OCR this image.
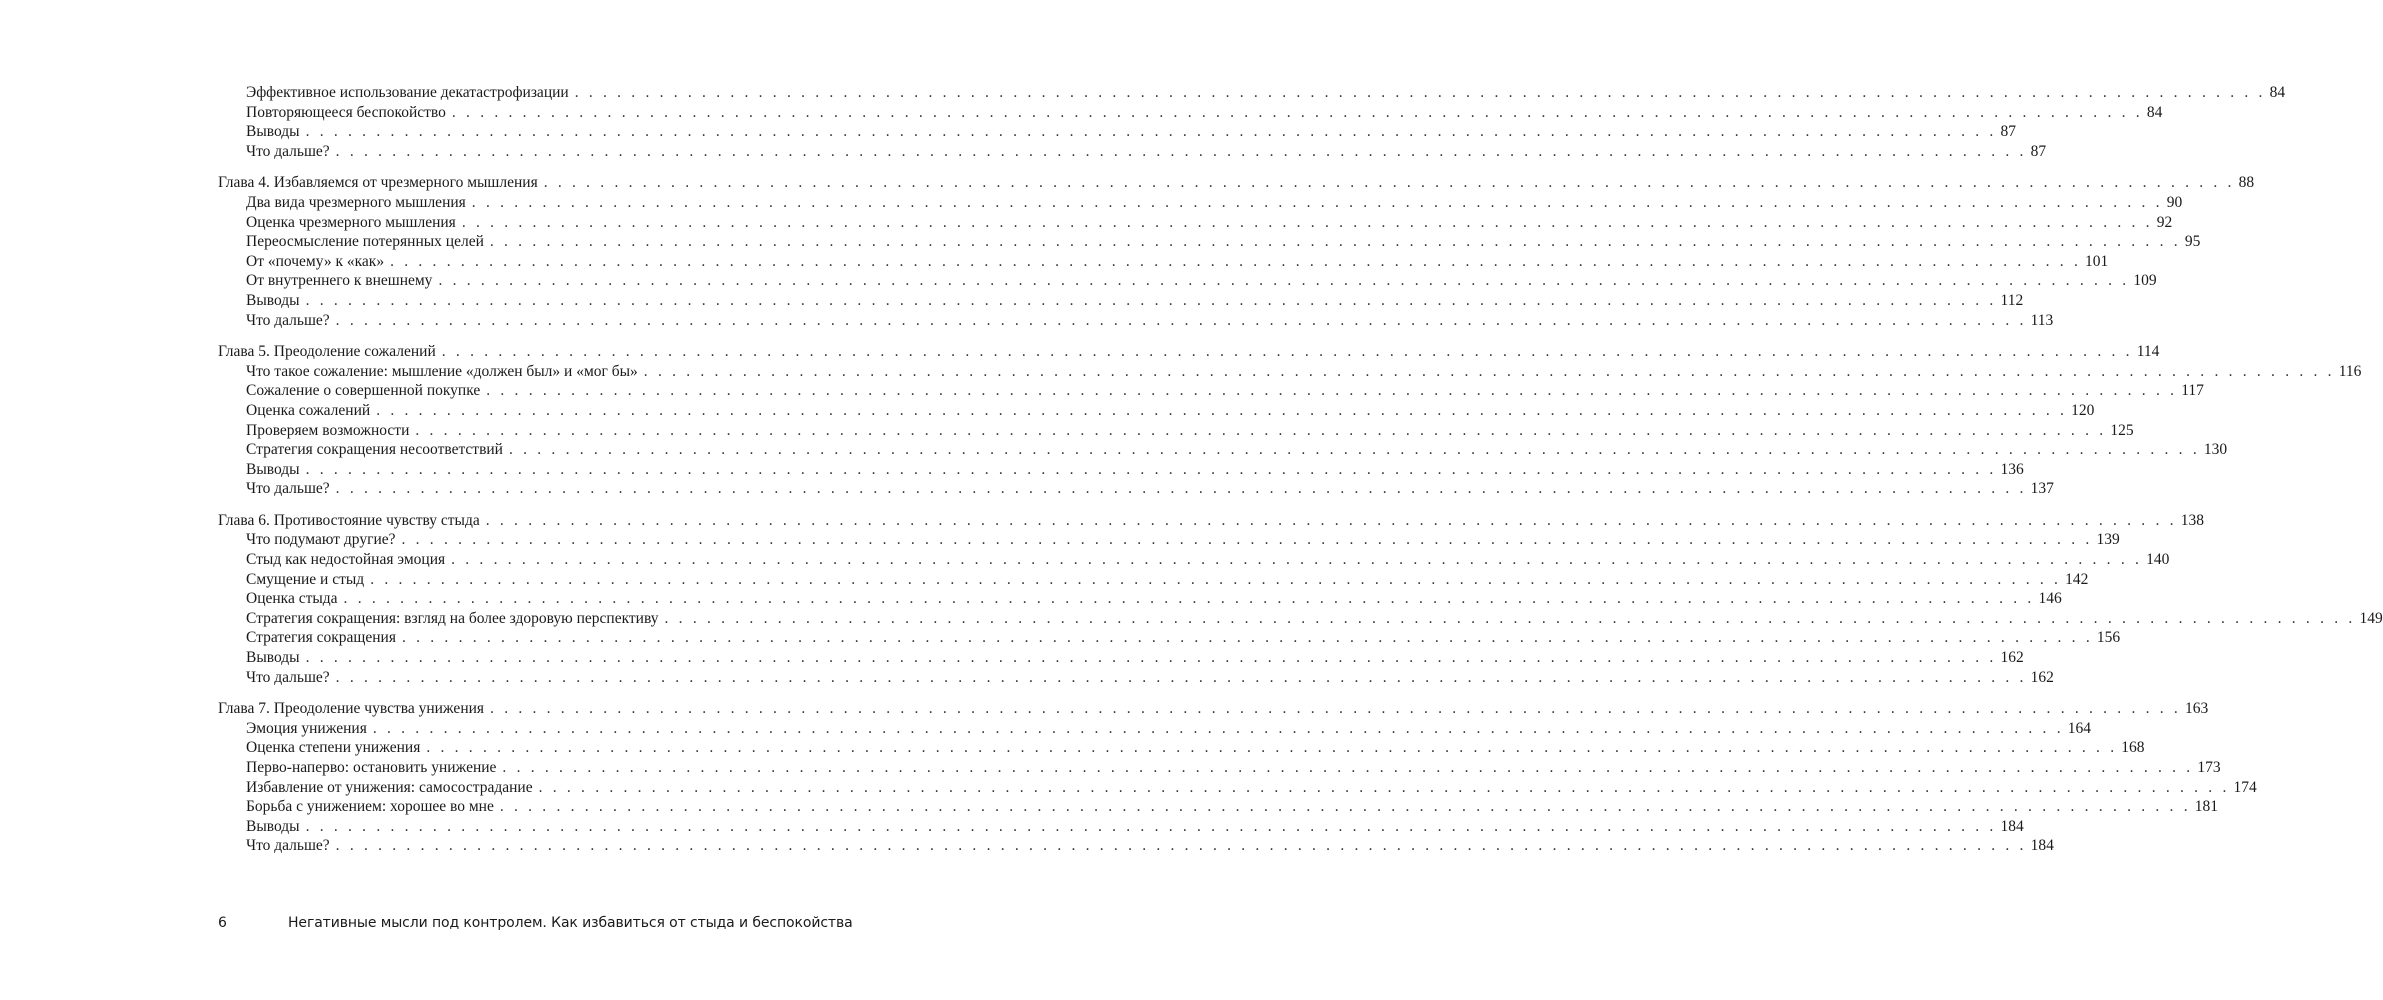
Эффективное использование декатастрофизации . . . . . . . . . . . . . . . . . . . . . . . . . . . . . . . . . . . . . . . . . . . . . . . . . . . . . . . . . . . . . . . . . . . . . . . . . . . . . . . . . . . . . . . . . . . . . . . . . . . . . . . . . . . . . . . . . . . . . . . . 84
Повторяющееся беспокойство . . . . . . . . . . . . . . . . . . . . . . . . . . . . . . . . . . . . . . . . . . . . . . . . . . . . . . . . . . . . . . . . . . . . . . . . . . . . . . . . . . . . . . . . . . . . . . . . . . . . . . . . . . . . . . . . . . . . . . . . 84
Выводы . . . . . . . . . . . . . . . . . . . . . . . . . . . . . . . . . . . . . . . . . . . . . . . . . . . . . . . . . . . . . . . . . . . . . . . . . . . . . . . . . . . . . . . . . . . . . . . . . . . . . . . . . . . . . . . . . . . . . . . . 87
Что дальше? . . . . . . . . . . . . . . . . . . . . . . . . . . . . . . . . . . . . . . . . . . . . . . . . . . . . . . . . . . . . . . . . . . . . . . . . . . . . . . . . . . . . . . . . . . . . . . . . . . . . . . . . . . . . . . . . . . . . . . . . 87
Глава 4. Избавляемся от чрезмерного мышления . . . . . . . . . . . . . . . . . . . . . . . . . . . . . . . . . . . . . . . . . . . . . . . . . . . . . . . . . . . . . . . . . . . . . . . . . . . . . . . . . . . . . . . . . . . . . . . . . . . . . . . . . . . . . . . . . . . . . . . . 88
Два вида чрезмерного мышления . . . . . . . . . . . . . . . . . . . . . . . . . . . . . . . . . . . . . . . . . . . . . . . . . . . . . . . . . . . . . . . . . . . . . . . . . . . . . . . . . . . . . . . . . . . . . . . . . . . . . . . . . . . . . . . . . . . . . . . . 90
Оценка чрезмерного мышления . . . . . . . . . . . . . . . . . . . . . . . . . . . . . . . . . . . . . . . . . . . . . . . . . . . . . . . . . . . . . . . . . . . . . . . . . . . . . . . . . . . . . . . . . . . . . . . . . . . . . . . . . . . . . . . . . . . . . . . . 92
Переосмысление потерянных целей . . . . . . . . . . . . . . . . . . . . . . . . . . . . . . . . . . . . . . . . . . . . . . . . . . . . . . . . . . . . . . . . . . . . . . . . . . . . . . . . . . . . . . . . . . . . . . . . . . . . . . . . . . . . . . . . . . . . . . . . 95
От «почему» к «как» . . . . . . . . . . . . . . . . . . . . . . . . . . . . . . . . . . . . . . . . . . . . . . . . . . . . . . . . . . . . . . . . . . . . . . . . . . . . . . . . . . . . . . . . . . . . . . . . . . . . . . . . . . . . . . . . . . . . . . . . 101
От внутреннего к внешнему . . . . . . . . . . . . . . . . . . . . . . . . . . . . . . . . . . . . . . . . . . . . . . . . . . . . . . . . . . . . . . . . . . . . . . . . . . . . . . . . . . . . . . . . . . . . . . . . . . . . . . . . . . . . . . . . . . . . . . . . 109
Выводы . . . . . . . . . . . . . . . . . . . . . . . . . . . . . . . . . . . . . . . . . . . . . . . . . . . . . . . . . . . . . . . . . . . . . . . . . . . . . . . . . . . . . . . . . . . . . . . . . . . . . . . . . . . . . . . . . . . . . . . . 112
Что дальше? . . . . . . . . . . . . . . . . . . . . . . . . . . . . . . . . . . . . . . . . . . . . . . . . . . . . . . . . . . . . . . . . . . . . . . . . . . . . . . . . . . . . . . . . . . . . . . . . . . . . . . . . . . . . . . . . . . . . . . . . 113
Глава 5. Преодоление сожалений . . . . . . . . . . . . . . . . . . . . . . . . . . . . . . . . . . . . . . . . . . . . . . . . . . . . . . . . . . . . . . . . . . . . . . . . . . . . . . . . . . . . . . . . . . . . . . . . . . . . . . . . . . . . . . . . . . . . . . . . 114
Что такое сожаление: мышление «должен был» и «мог бы» . . . . . . . . . . . . . . . . . . . . . . . . . . . . . . . . . . . . . . . . . . . . . . . . . . . . . . . . . . . . . . . . . . . . . . . . . . . . . . . . . . . . . . . . . . . . . . . . . . . . . . . . . . . . . . . . . . . . . . . . 116
Сожаление о совершенной покупке . . . . . . . . . . . . . . . . . . . . . . . . . . . . . . . . . . . . . . . . . . . . . . . . . . . . . . . . . . . . . . . . . . . . . . . . . . . . . . . . . . . . . . . . . . . . . . . . . . . . . . . . . . . . . . . . . . . . . . . . 117
Оценка сожалений . . . . . . . . . . . . . . . . . . . . . . . . . . . . . . . . . . . . . . . . . . . . . . . . . . . . . . . . . . . . . . . . . . . . . . . . . . . . . . . . . . . . . . . . . . . . . . . . . . . . . . . . . . . . . . . . . . . . . . . . 120
Проверяем возможности . . . . . . . . . . . . . . . . . . . . . . . . . . . . . . . . . . . . . . . . . . . . . . . . . . . . . . . . . . . . . . . . . . . . . . . . . . . . . . . . . . . . . . . . . . . . . . . . . . . . . . . . . . . . . . . . . . . . . . . . 125
Стратегия сокращения несоответствий . . . . . . . . . . . . . . . . . . . . . . . . . . . . . . . . . . . . . . . . . . . . . . . . . . . . . . . . . . . . . . . . . . . . . . . . . . . . . . . . . . . . . . . . . . . . . . . . . . . . . . . . . . . . . . . . . . . . . . . . 130
Выводы . . . . . . . . . . . . . . . . . . . . . . . . . . . . . . . . . . . . . . . . . . . . . . . . . . . . . . . . . . . . . . . . . . . . . . . . . . . . . . . . . . . . . . . . . . . . . . . . . . . . . . . . . . . . . . . . . . . . . . . . 136
Что дальше? . . . . . . . . . . . . . . . . . . . . . . . . . . . . . . . . . . . . . . . . . . . . . . . . . . . . . . . . . . . . . . . . . . . . . . . . . . . . . . . . . . . . . . . . . . . . . . . . . . . . . . . . . . . . . . . . . . . . . . . . 137
Глава 6. Противостояние чувству стыда . . . . . . . . . . . . . . . . . . . . . . . . . . . . . . . . . . . . . . . . . . . . . . . . . . . . . . . . . . . . . . . . . . . . . . . . . . . . . . . . . . . . . . . . . . . . . . . . . . . . . . . . . . . . . . . . . . . . . . . . 138
Что подумают другие? . . . . . . . . . . . . . . . . . . . . . . . . . . . . . . . . . . . . . . . . . . . . . . . . . . . . . . . . . . . . . . . . . . . . . . . . . . . . . . . . . . . . . . . . . . . . . . . . . . . . . . . . . . . . . . . . . . . . . . . . 139
Стыд как недостойная эмоция . . . . . . . . . . . . . . . . . . . . . . . . . . . . . . . . . . . . . . . . . . . . . . . . . . . . . . . . . . . . . . . . . . . . . . . . . . . . . . . . . . . . . . . . . . . . . . . . . . . . . . . . . . . . . . . . . . . . . . . . 140
Смущение и стыд . . . . . . . . . . . . . . . . . . . . . . . . . . . . . . . . . . . . . . . . . . . . . . . . . . . . . . . . . . . . . . . . . . . . . . . . . . . . . . . . . . . . . . . . . . . . . . . . . . . . . . . . . . . . . . . . . . . . . . . . 142
Оценка стыда . . . . . . . . . . . . . . . . . . . . . . . . . . . . . . . . . . . . . . . . . . . . . . . . . . . . . . . . . . . . . . . . . . . . . . . . . . . . . . . . . . . . . . . . . . . . . . . . . . . . . . . . . . . . . . . . . . . . . . . . 146
Стратегия сокращения: взгляд на более здоровую перспективу . . . . . . . . . . . . . . . . . . . . . . . . . . . . . . . . . . . . . . . . . . . . . . . . . . . . . . . . . . . . . . . . . . . . . . . . . . . . . . . . . . . . . . . . . . . . . . . . . . . . . . . . . . . . . . . . . . . . . . . . 149
Стратегия сокращения . . . . . . . . . . . . . . . . . . . . . . . . . . . . . . . . . . . . . . . . . . . . . . . . . . . . . . . . . . . . . . . . . . . . . . . . . . . . . . . . . . . . . . . . . . . . . . . . . . . . . . . . . . . . . . . . . . . . . . . . 156
Выводы . . . . . . . . . . . . . . . . . . . . . . . . . . . . . . . . . . . . . . . . . . . . . . . . . . . . . . . . . . . . . . . . . . . . . . . . . . . . . . . . . . . . . . . . . . . . . . . . . . . . . . . . . . . . . . . . . . . . . . . . 162
Что дальше? . . . . . . . . . . . . . . . . . . . . . . . . . . . . . . . . . . . . . . . . . . . . . . . . . . . . . . . . . . . . . . . . . . . . . . . . . . . . . . . . . . . . . . . . . . . . . . . . . . . . . . . . . . . . . . . . . . . . . . . . 162
Глава 7. Преодоление чувства унижения . . . . . . . . . . . . . . . . . . . . . . . . . . . . . . . . . . . . . . . . . . . . . . . . . . . . . . . . . . . . . . . . . . . . . . . . . . . . . . . . . . . . . . . . . . . . . . . . . . . . . . . . . . . . . . . . . . . . . . . . 163
Эмоция унижения . . . . . . . . . . . . . . . . . . . . . . . . . . . . . . . . . . . . . . . . . . . . . . . . . . . . . . . . . . . . . . . . . . . . . . . . . . . . . . . . . . . . . . . . . . . . . . . . . . . . . . . . . . . . . . . . . . . . . . . . 164
Оценка степени унижения . . . . . . . . . . . . . . . . . . . . . . . . . . . . . . . . . . . . . . . . . . . . . . . . . . . . . . . . . . . . . . . . . . . . . . . . . . . . . . . . . . . . . . . . . . . . . . . . . . . . . . . . . . . . . . . . . . . . . . . . 168
Перво-наперво: остановить унижение . . . . . . . . . . . . . . . . . . . . . . . . . . . . . . . . . . . . . . . . . . . . . . . . . . . . . . . . . . . . . . . . . . . . . . . . . . . . . . . . . . . . . . . . . . . . . . . . . . . . . . . . . . . . . . . . . . . . . . . . 173
Избавление от унижения: самосострадание . . . . . . . . . . . . . . . . . . . . . . . . . . . . . . . . . . . . . . . . . . . . . . . . . . . . . . . . . . . . . . . . . . . . . . . . . . . . . . . . . . . . . . . . . . . . . . . . . . . . . . . . . . . . . . . . . . . . . . . . 174
Борьба с унижением: хорошее во мне . . . . . . . . . . . . . . . . . . . . . . . . . . . . . . . . . . . . . . . . . . . . . . . . . . . . . . . . . . . . . . . . . . . . . . . . . . . . . . . . . . . . . . . . . . . . . . . . . . . . . . . . . . . . . . . . . . . . . . . . 181
Выводы . . . . . . . . . . . . . . . . . . . . . . . . . . . . . . . . . . . . . . . . . . . . . . . . . . . . . . . . . . . . . . . . . . . . . . . . . . . . . . . . . . . . . . . . . . . . . . . . . . . . . . . . . . . . . . . . . . . . . . . . 184
Что дальше? . . . . . . . . . . . . . . . . . . . . . . . . . . . . . . . . . . . . . . . . . . . . . . . . . . . . . . . . . . . . . . . . . . . . . . . . . . . . . . . . . . . . . . . . . . . . . . . . . . . . . . . . . . . . . . . . . . . . . . . . 184
6	Негативные мысли под контролем. Как избавиться от стыда и беспокойства
